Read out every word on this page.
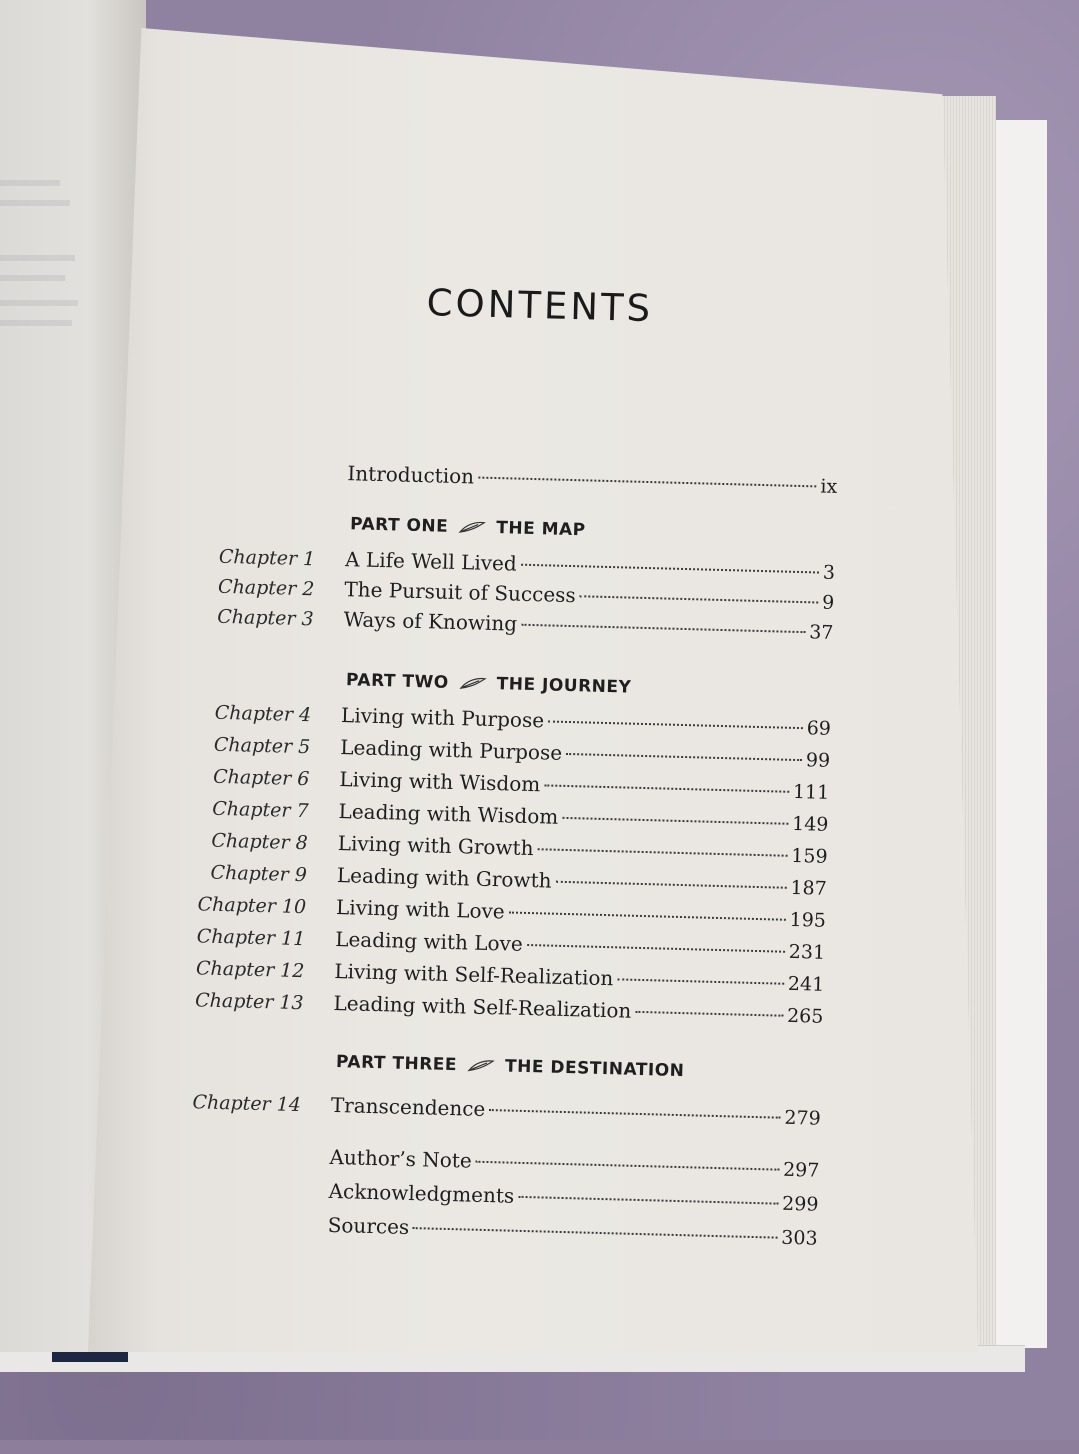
CONTENTS
Introduction	ix
PART ONE	THE MAP
Chapter 1	A Life Well Lived	3
Chapter 2	The Pursuit of Success	9
Chapter 3	Ways of Knowing	37
PART TWO	THE JOURNEY
Chapter 4	Living with Purpose	69
Chapter 5	Leading with Purpose	99
Chapter 6	Living with Wisdom	111
Chapter 7	Leading with Wisdom	149
Chapter 8	Living with Growth	159
Chapter 9	Leading with Growth	187
Chapter 10	Living with Love	195
Chapter 11	Leading with Love	231
Chapter 12	Living with Self-Realization	241
Chapter 13	Leading with Self-Realization	265
PART THREE	THE DESTINATION
Chapter 14	Transcendence	279
Author’s Note	297
Acknowledgments	299
Sources	303
